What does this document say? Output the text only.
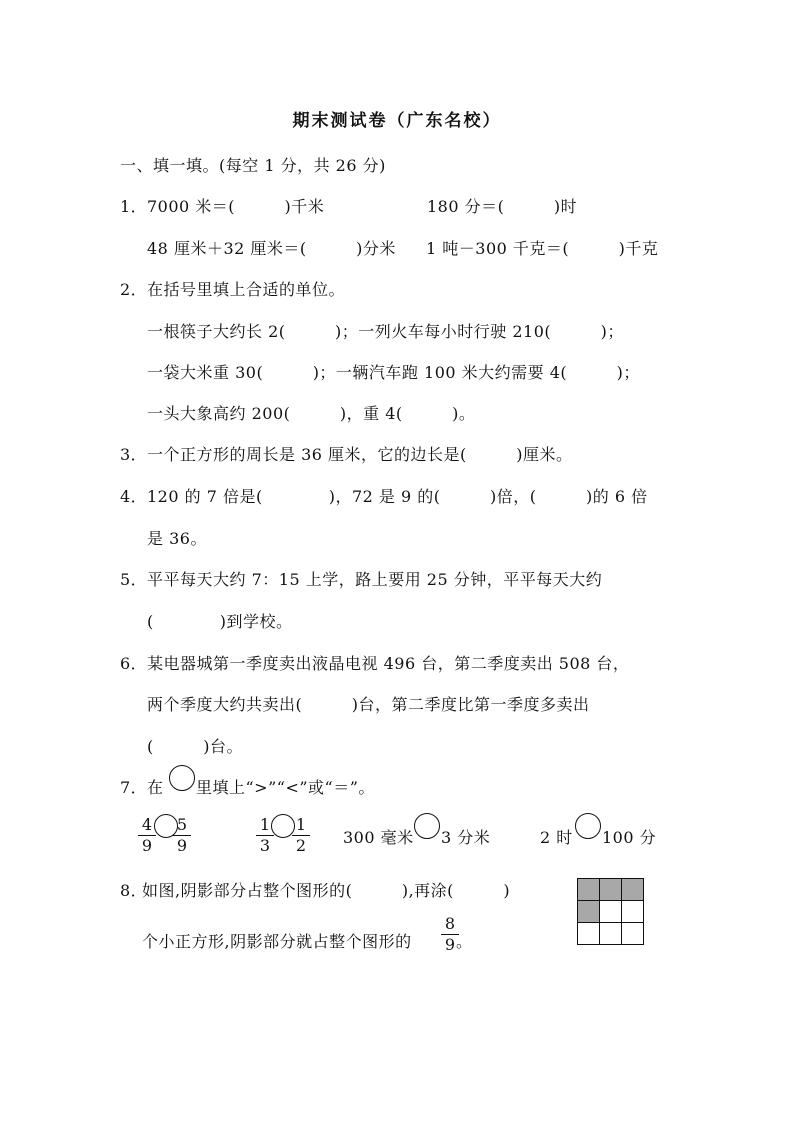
期末测试卷（广东名校）
一、填一填。(每空 1 分，共 26 分)
1． 7000 米＝(　　　)千米	180 分＝(　　　)时
48 厘米＋32 厘米＝(　　　)分米 1 吨－300 千克＝(　　　)千克
2． 在括号里填上合适的单位。
一根筷子大约长 2(　　　)；一列火车每小时行驶 210(　　　)；
一袋大米重 30(　　　)；一辆汽车跑 100 米大约需要 4(　　　)；
一头大象高约 200(　　　)，重 4(　　　)。
3． 一个正方形的周长是 36 厘米，它的边长是(　　　)厘米。
4． 120 的 7 倍是(　　　　)，72 是 9 的(　　　)倍，(　　　)的 6 倍
是 36。
5． 平平每天大约 7：15 上学，路上要用 25 分钟，平平每天大约
(　　　　)到学校。
6． 某电器城第一季度卖出液晶电视 496 台，第二季度卖出 508 台，
两个季度大约共卖出(　　　)台，第二季度比第一季度多卖出
(　　　)台。
7． 在 里填上“>”“<”或“＝”。
4
9
5
9
1
3
1
2	300 毫米 3 分米	2 时 100 分
8．
如图,阴影部分占整个图形的(　　　),再涂(　　　)
个小正方形,阴影部分就占整个图形的
8
9 。
